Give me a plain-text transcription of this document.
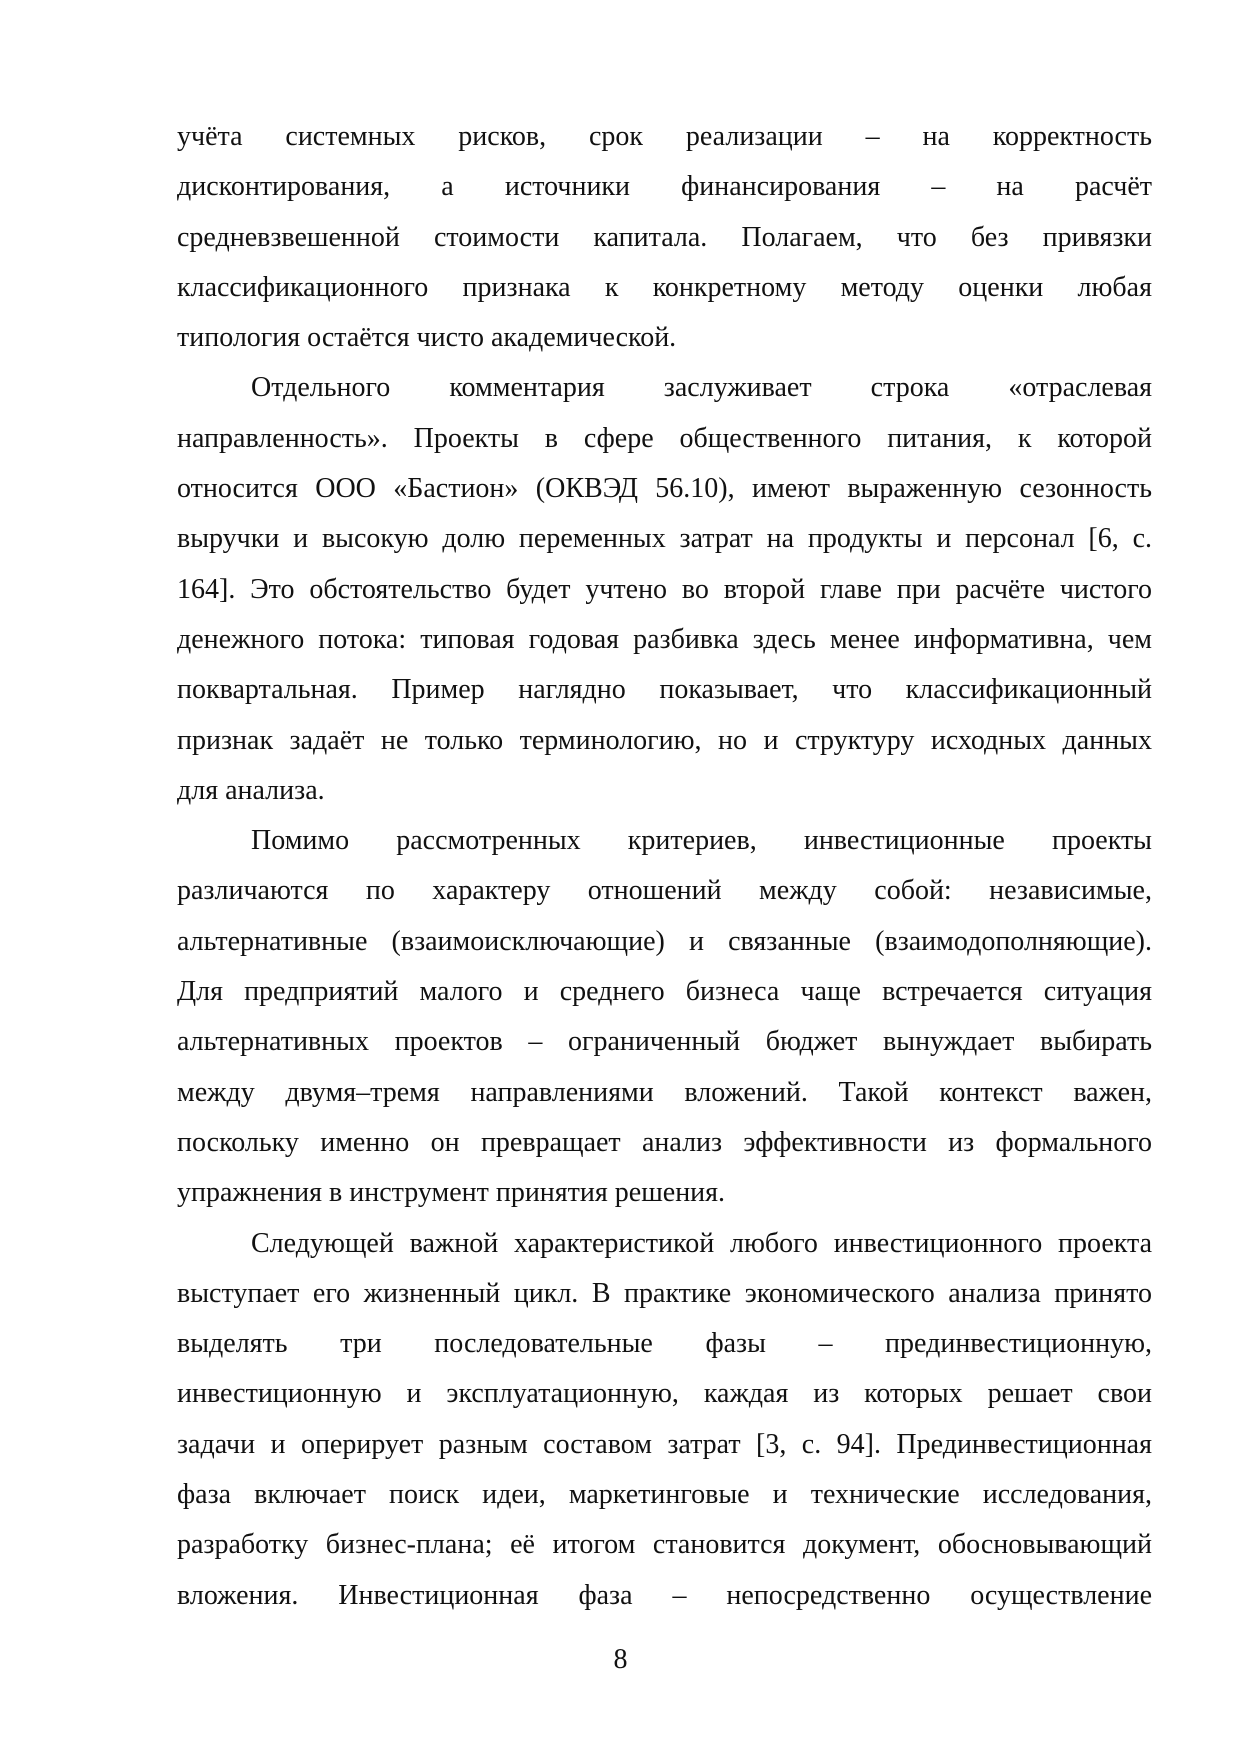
учёта системных рисков, срок реализации – на корректность
дисконтирования, а источники финансирования – на расчёт
средневзвешенной стоимости капитала. Полагаем, что без привязки
классификационного признака к конкретному методу оценки любая
типология остаётся чисто академической.
Отдельного комментария заслуживает строка «отраслевая
направленность». Проекты в сфере общественного питания, к которой
относится ООО «Бастион» (ОКВЭД 56.10), имеют выраженную сезонность
выручки и высокую долю переменных затрат на продукты и персонал [6, с.
164]. Это обстоятельство будет учтено во второй главе при расчёте чистого
денежного потока: типовая годовая разбивка здесь менее информативна, чем
поквартальная. Пример наглядно показывает, что классификационный
признак задаёт не только терминологию, но и структуру исходных данных
для анализа.
Помимо рассмотренных критериев, инвестиционные проекты
различаются по характеру отношений между собой: независимые,
альтернативные (взаимоисключающие) и связанные (взаимодополняющие).
Для предприятий малого и среднего бизнеса чаще встречается ситуация
альтернативных проектов – ограниченный бюджет вынуждает выбирать
между двумя–тремя направлениями вложений. Такой контекст важен,
поскольку именно он превращает анализ эффективности из формального
упражнения в инструмент принятия решения.
Следующей важной характеристикой любого инвестиционного проекта
выступает его жизненный цикл. В практике экономического анализа принято
выделять три последовательные фазы – прединвестиционную,
инвестиционную и эксплуатационную, каждая из которых решает свои
задачи и оперирует разным составом затрат [3, с. 94]. Прединвестиционная
фаза включает поиск идеи, маркетинговые и технические исследования,
разработку бизнес-плана; её итогом становится документ, обосновывающий
вложения. Инвестиционная фаза – непосредственно осуществление
8
